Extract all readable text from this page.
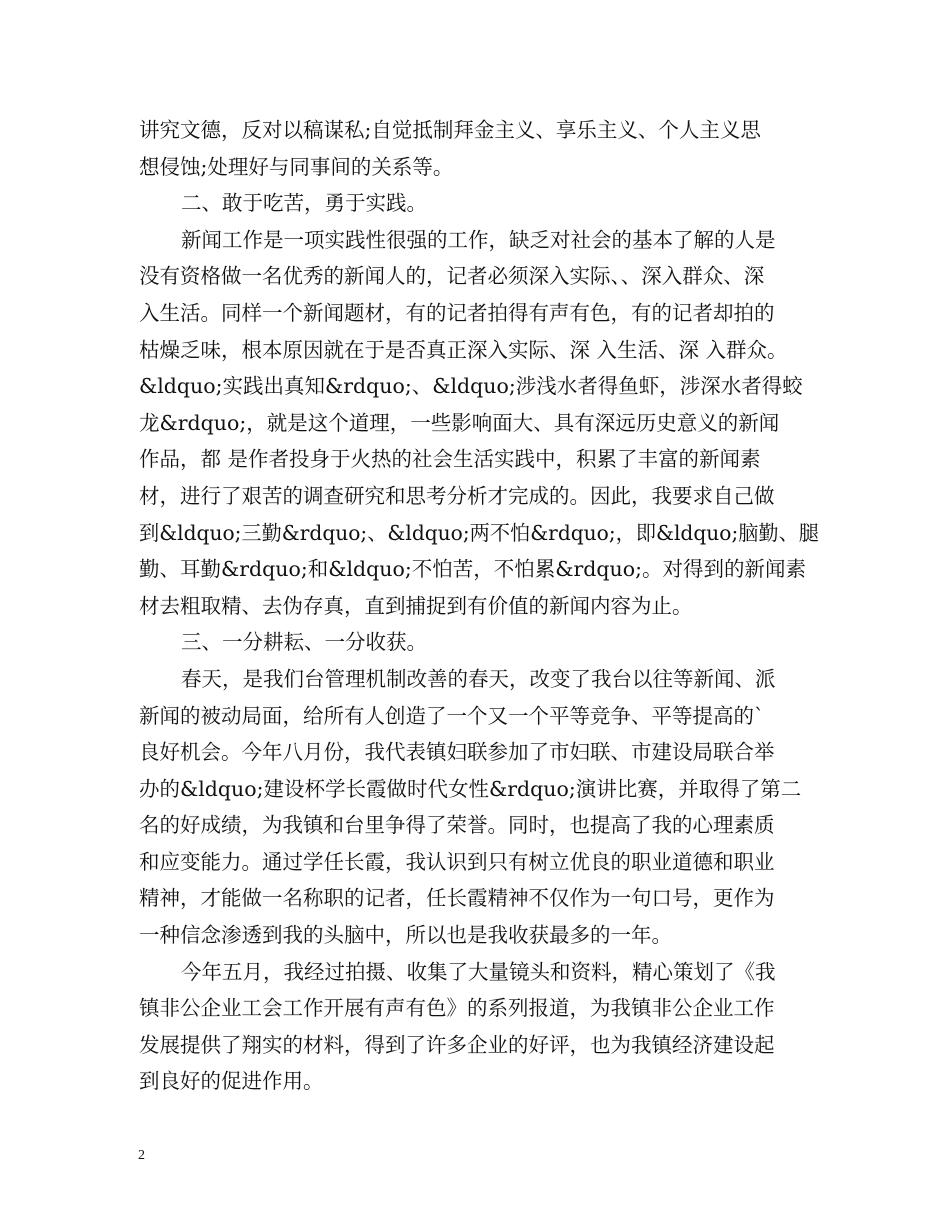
讲究文德，反对以稿谋私;自觉抵制拜金主义、享乐主义、个人主义思
想侵蚀;处理好与同事间的关系等。
二、敢于吃苦，勇于实践。
新闻工作是一项实践性很强的工作，缺乏对社会的基本了解的人是
没有资格做一名优秀的新闻人的，记者必须深入实际、、深入群众、深
入生活。同样一个新闻题材，有的记者拍得有声有色，有的记者却拍的
枯燥乏味，根本原因就在于是否真正深入实际、深 入生活、深 入群众。
&ldquo;实践出真知&rdquo;、&ldquo;涉浅水者得鱼虾，涉深水者得蛟
龙&rdquo;，就是这个道理，一些影响面大、具有深远历史意义的新闻
作品，都 是作者投身于火热的社会生活实践中，积累了丰富的新闻素
材，进行了艰苦的调查研究和思考分析才完成的。因此，我要求自己做
到&ldquo;三勤&rdquo;、&ldquo;两不怕&rdquo;，即&ldquo;脑勤、腿
勤、耳勤&rdquo;和&ldquo;不怕苦，不怕累&rdquo;。对得到的新闻素
材去粗取精、去伪存真，直到捕捉到有价值的新闻内容为止。
三、一分耕耘、一分收获。
春天，是我们台管理机制改善的春天，改变了我台以往等新闻、派
新闻的被动局面，给所有人创造了一个又一个平等竞争、平等提高的`
良好机会。今年八月份，我代表镇妇联参加了市妇联、市建设局联合举
办的&ldquo;建设杯学长霞做时代女性&rdquo;演讲比赛，并取得了第二
名的好成绩，为我镇和台里争得了荣誉。同时，也提高了我的心理素质
和应变能力。通过学任长霞，我认识到只有树立优良的职业道德和职业
精神，才能做一名称职的记者，任长霞精神不仅作为一句口号，更作为
一种信念渗透到我的头脑中，所以也是我收获最多的一年。
今年五月，我经过拍摄、收集了大量镜头和资料，精心策划了《我
镇非公企业工会工作开展有声有色》的系列报道，为我镇非公企业工作
发展提供了翔实的材料，得到了许多企业的好评，也为我镇经济建设起
到良好的促进作用。
2
